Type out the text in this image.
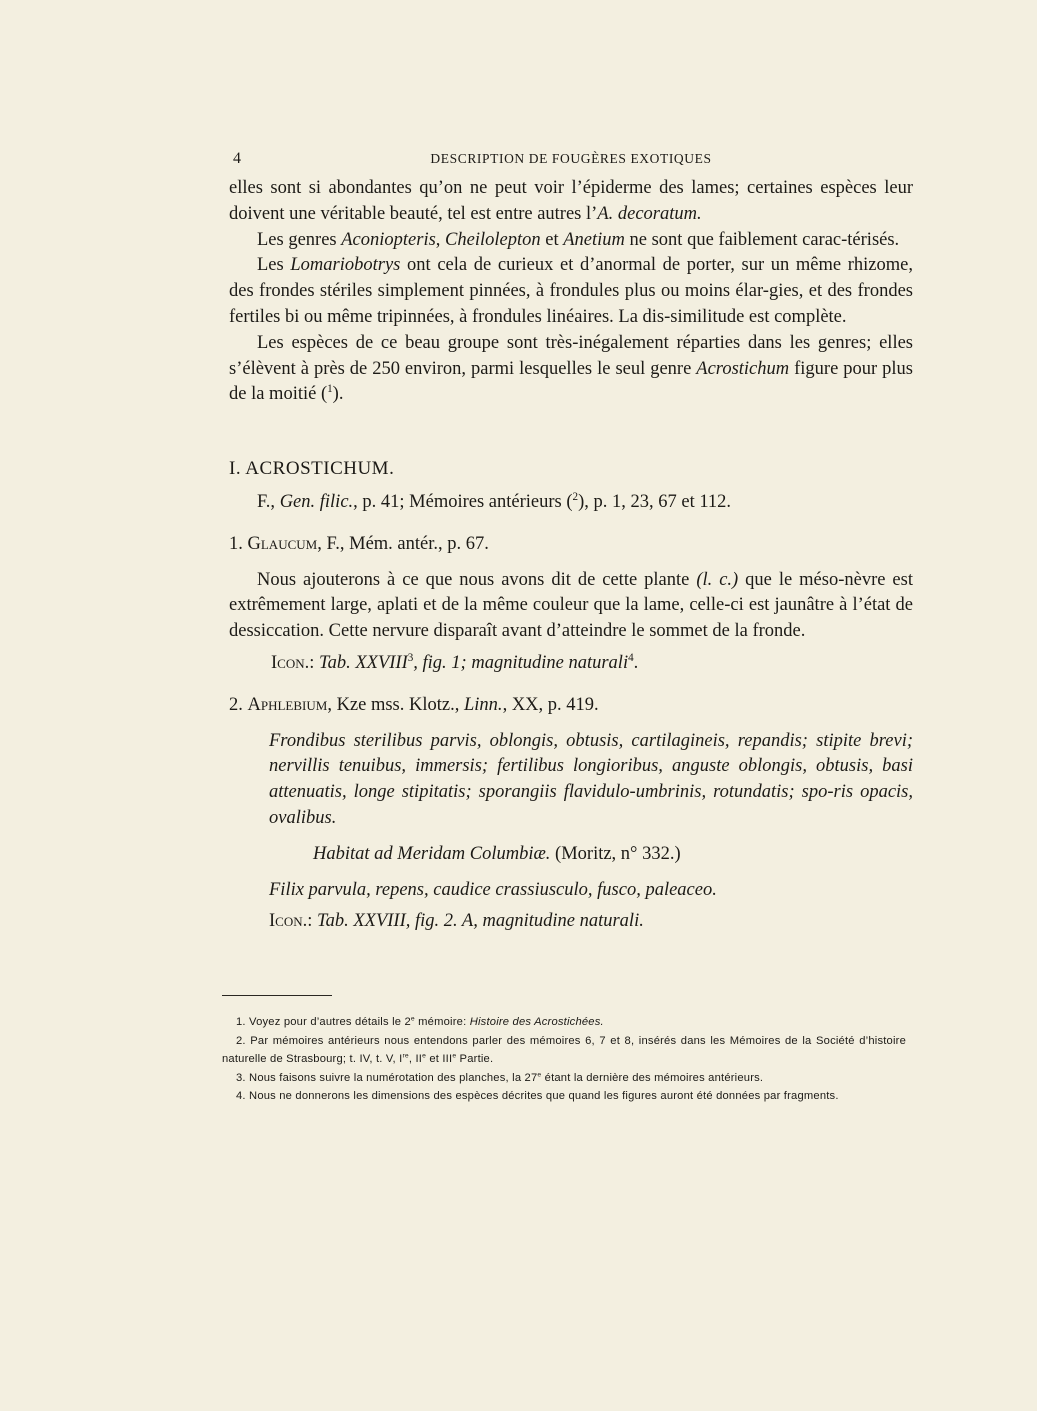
4	DESCRIPTION DE FOUGÈRES EXOTIQUES

elles sont si abondantes qu’on ne peut voir l’épiderme des lames; certaines espèces leur doivent une véritable beauté, tel est entre autres l’A. decoratum.

Les genres Aconiopteris, Cheilolepton et Anetium ne sont que faiblement carac-térisés.

Les Lomariobotrys ont cela de curieux et d’anormal de porter, sur un même rhizome, des frondes stériles simplement pinnées, à frondules plus ou moins élar-gies, et des frondes fertiles bi ou même tripinnées, à frondules linéaires. La dis-similitude est complète.

Les espèces de ce beau groupe sont très-inégalement réparties dans les genres; elles s’élèvent à près de 250 environ, parmi lesquelles le seul genre Acrostichum figure pour plus de la moitié ($^1$).

I. ACROSTICHUM.

F., Gen. filic., p. 41; Mémoires antérieurs ($^2$), p. 1, 23, 67 et 112.

1. Glaucum, F., Mém. antér., p. 67.

Nous ajouterons à ce que nous avons dit de cette plante (l. c.) que le méso-nèvre est extrêmement large, aplati et de la même couleur que la lame, celle-ci est jaunâtre à l’état de dessiccation. Cette nervure disparaît avant d’atteindre le sommet de la fronde.

Icon.: Tab. XXVIII$^3$, fig. 1; magnitudine naturali$^4$.

2. Aphlebium, Kze mss. Klotz., Linn., XX, p. 419.

Frondibus sterilibus parvis, oblongis, obtusis, cartilagineis, repandis; stipite brevi; nervillis tenuibus, immersis; fertilibus longioribus, anguste oblongis, obtusis, basi attenuatis, longe stipitatis; sporangiis flavidulo-umbrinis, rotundatis; spo-ris opacis, ovalibus.

Habitat ad Meridam Columbiæ. (Moritz, n° 332.)

Filix parvula, repens, caudice crassiusculo, fusco, paleaceo.

Icon.: Tab. XXVIII, fig. 2. A, magnitudine naturali.

1. Voyez pour d’autres détails le 2e mémoire: Histoire des Acrostichées.

2. Par mémoires antérieurs nous entendons parler des mémoires 6, 7 et 8, insérés dans les Mémoires de la Société d’histoire naturelle de Strasbourg; t. IV, t. V, Ire, IIe et IIIe Partie.

3. Nous faisons suivre la numérotation des planches, la 27e étant la dernière des mémoires antérieurs.

4. Nous ne donnerons les dimensions des espèces décrites que quand les figures auront été données par fragments.
